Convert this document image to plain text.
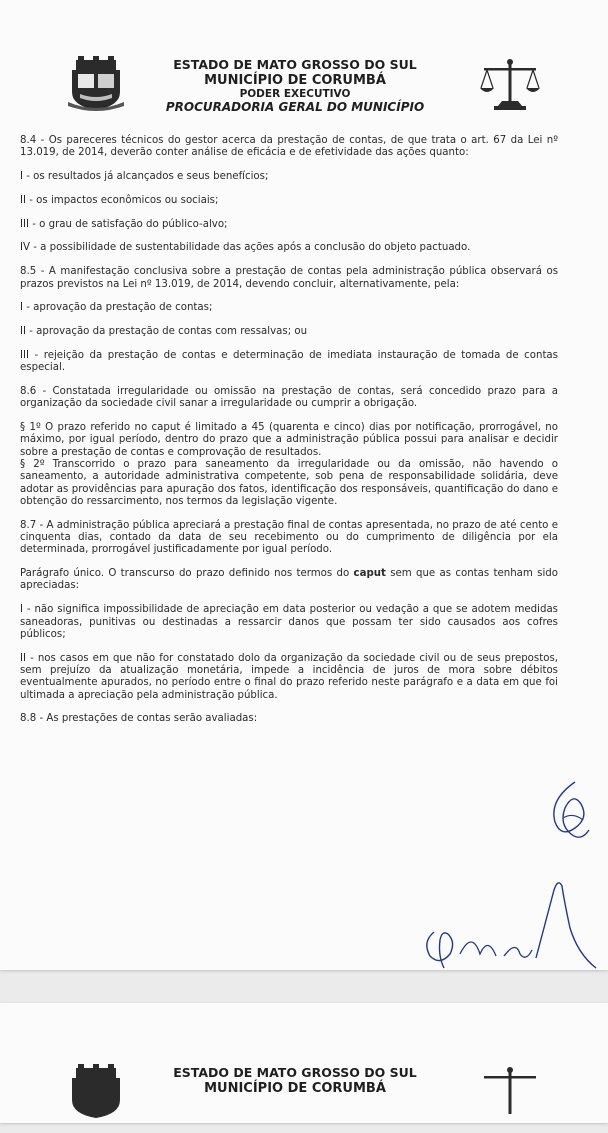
ESTADO DE MATO GROSSO DO SUL
MUNICÍPIO DE CORUMBÁ
PODER EXECUTIVO
PROCURADORIA GERAL DO MUNICÍPIO

8.4 - Os pareceres técnicos do gestor acerca da prestação de contas, de que trata o art. 67 da Lei nº 13.019, de 2014, deverão conter análise de eficácia e de efetividade das ações quanto:

I - os resultados já alcançados e seus benefícios;

II - os impactos econômicos ou sociais;

III - o grau de satisfação do público-alvo;

IV - a possibilidade de sustentabilidade das ações após a conclusão do objeto pactuado.

8.5 - A manifestação conclusiva sobre a prestação de contas pela administração pública observará os prazos previstos na Lei nº 13.019, de 2014, devendo concluir, alternativamente, pela:

I - aprovação da prestação de contas;

II - aprovação da prestação de contas com ressalvas; ou

III - rejeição da prestação de contas e determinação de imediata instauração de tomada de contas especial.

8.6 - Constatada irregularidade ou omissão na prestação de contas, será concedido prazo para a organização da sociedade civil sanar a irregularidade ou cumprir a obrigação.

§ 1º O prazo referido no caput é limitado a 45 (quarenta e cinco) dias por notificação, prorrogável, no máximo, por igual período, dentro do prazo que a administração pública possui para analisar e decidir sobre a prestação de contas e comprovação de resultados.

§ 2º Transcorrido o prazo para saneamento da irregularidade ou da omissão, não havendo o saneamento, a autoridade administrativa competente, sob pena de responsabilidade solidária, deve adotar as providências para apuração dos fatos, identificação dos responsáveis, quantificação do dano e obtenção do ressarcimento, nos termos da legislação vigente.

8.7 - A administração pública apreciará a prestação final de contas apresentada, no prazo de até cento e cinquenta dias, contado da data de seu recebimento ou do cumprimento de diligência por ela determinada, prorrogável justificadamente por igual período.

Parágrafo único. O transcurso do prazo definido nos termos do caput sem que as contas tenham sido apreciadas:

I - não significa impossibilidade de apreciação em data posterior ou vedação a que se adotem medidas saneadoras, punitivas ou destinadas a ressarcir danos que possam ter sido causados aos cofres públicos;

II - nos casos em que não for constatado dolo da organização da sociedade civil ou de seus prepostos, sem prejuízo da atualização monetária, impede a incidência de juros de mora sobre débitos eventualmente apurados, no período entre o final do prazo referido neste parágrafo e a data em que foi ultimada a apreciação pela administração pública.

8.8 - As prestações de contas serão avaliadas:

ESTADO DE MATO GROSSO DO SUL
MUNICÍPIO DE CORUMBÁ
